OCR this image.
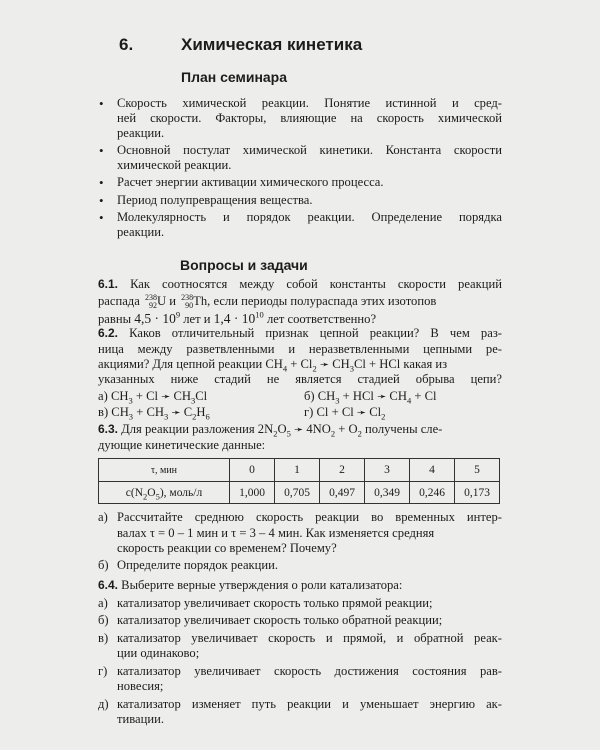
6.	Химическая кинетика
План семинара
• Скорость химической реакции. Понятие истинной и сред-
ней скорости. Факторы, влияющие на скорость химической
реакции.
• Основной постулат химической кинетики. Константа скорости
химической реакции.
• Расчет энергии активации химического процесса.
• Период полупревращения вещества.
• Молекулярность и порядок реакции. Определение порядка
реакции.
Вопросы и задачи
6.1. Как соотносятся между собой константы скорости реакций
распада 238
92U и 238
90Th, если периоды полураспада этих изотопов
равны $4,5 \cdot 10^9$ лет и $1,4 \cdot 10^{10}$ лет соответственно?
6.2. Каков отличительный признак цепной реакции? В чем раз-
ница между разветвленными и неразветвленными цепными ре-
акциями? Для цепной реакции $CH_4 + Cl_2$ ➛ $CH_3Cl$ + HCl какая из
указанных ниже стадий не является стадией обрыва цепи?
а) $CH_3 + Cl$ ➛ $CH_3Cl$	б) $CH_3$ + HCl ➛ $CH_4 + Cl$
в) $CH_3 + CH_3$ ➛ $C_2H_6$	г) Cl + Cl ➛ $Cl_2$
6.3. Для реакции разложения $2N_2O_5$ ➛ $4NO_2 + O_2$ получены сле-
дующие кинетические данные:
τ, мин	0	1	2	3	4	5
$c(N_2O_5)$, моль/л	1,000	0,705	0,497	0,349	0,246	0,173
а) Рассчитайте среднюю скорость реакции во временных интер-
валах τ = 0 – 1 мин и τ = 3 – 4 мин. Как изменяется средняя
скорость реакции со временем? Почему?
б) Определите порядок реакции.
6.4. Выберите верные утверждения о роли катализатора:
а) катализатор увеличивает скорость только прямой реакции;
б) катализатор увеличивает скорость только обратной реакции;
в) катализатор увеличивает скорость и прямой, и обратной реак-
ции одинаково;
г) катализатор увеличивает скорость достижения состояния рав-
новесия;
д) катализатор изменяет путь реакции и уменьшает энергию ак-
тивации.
